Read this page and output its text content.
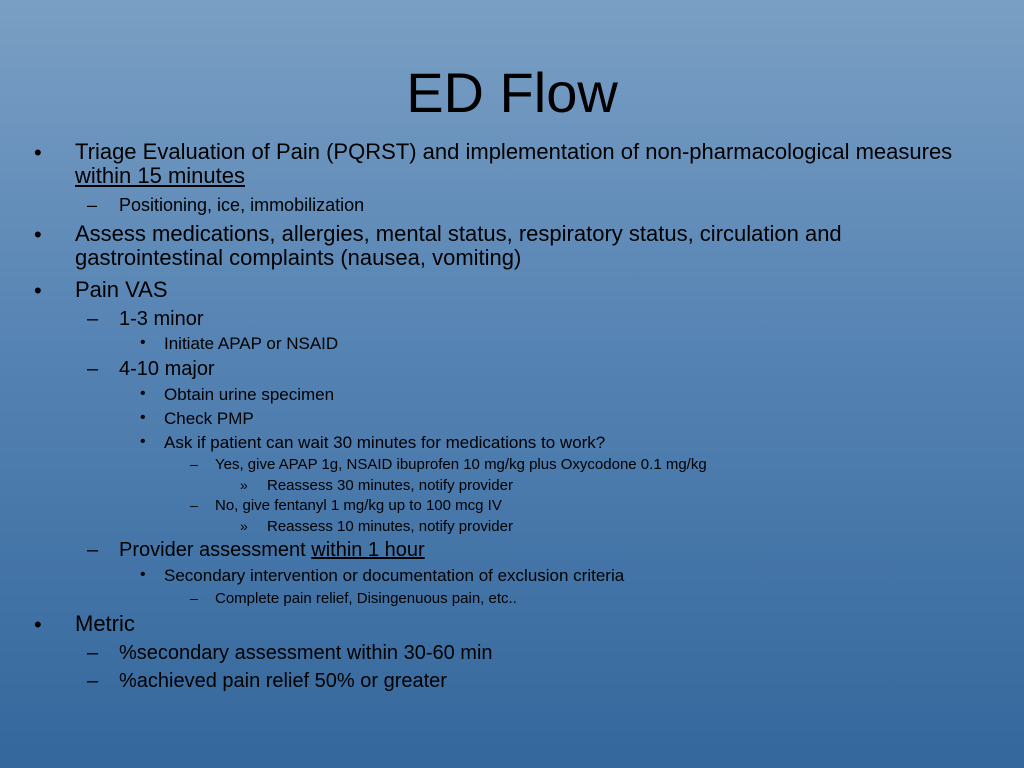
ED Flow
• Triage Evaluation of Pain (PQRST) and implementation of non-pharmacological measures within 15 minutes
– Positioning, ice, immobilization
• Assess medications, allergies, mental status, respiratory status, circulation and gastrointestinal complaints (nausea, vomiting)
• Pain VAS
– 1-3 minor
• Initiate APAP or NSAID
– 4-10 major
• Obtain urine specimen
• Check PMP
• Ask if patient can wait 30 minutes for medications to work?
– Yes, give APAP 1g, NSAID ibuprofen 10 mg/kg plus Oxycodone 0.1 mg/kg
» Reassess 30 minutes, notify provider
– No, give fentanyl 1 mg/kg up to 100 mcg IV
» Reassess 10 minutes, notify provider
– Provider assessment within 1 hour
• Secondary intervention or documentation of exclusion criteria
– Complete pain relief, Disingenuous pain, etc..
• Metric
– %secondary assessment within 30-60 min
– %achieved pain relief 50% or greater
